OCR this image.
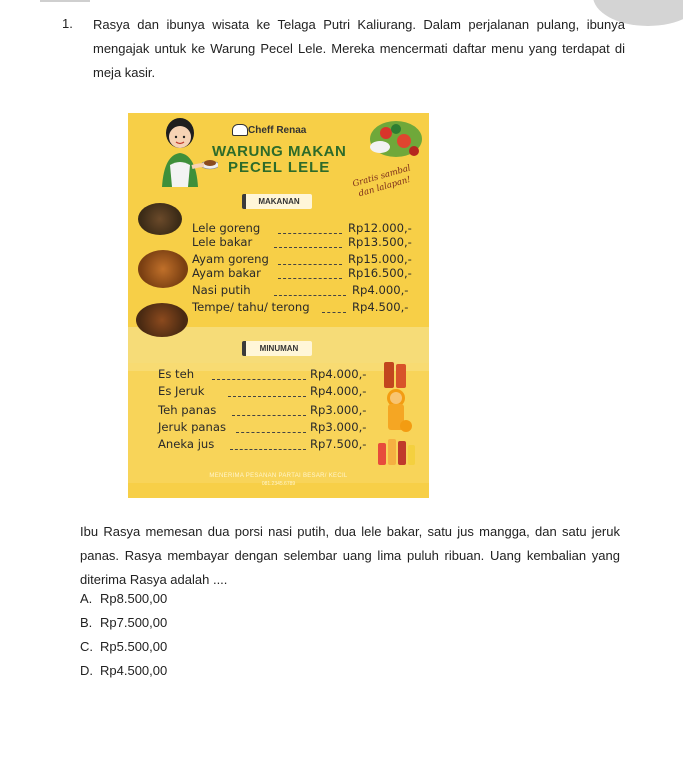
1. Rasya dan ibunya wisata ke Telaga Putri Kaliurang. Dalam perjalanan pulang, ibunya mengajak untuk ke Warung Pecel Lele. Mereka mencermati daftar menu yang terdapat di meja kasir.
Cheff Renaa
WARUNG MAKAN
PECEL LELE	Gratis sambal dan lalapan!
MAKANAN
Lele goreng	Rp12.000,-
Lele bakar	Rp13.500,-
Ayam goreng	Rp15.000,-
Ayam bakar	Rp16.500,-
Nasi putih	Rp4.000,-
Tempe/ tahu/ terong	Rp4.500,-
MINUMAN
Es teh	Rp4.000,-
Es Jeruk	Rp4.000,-
Teh panas	Rp3.000,-
Jeruk panas	Rp3.000,-
Aneka jus	Rp7.500,-
MENERIMA PESANAN PARTAI BESAR/ KECIL
081.2345.6789
Ibu Rasya memesan dua porsi nasi putih, dua lele bakar, satu jus mangga, dan satu jeruk panas. Rasya membayar dengan selembar uang lima puluh ribuan. Uang kembalian yang diterima Rasya adalah ....
A. Rp8.500,00
B. Rp7.500,00
C. Rp5.500,00
D. Rp4.500,00
